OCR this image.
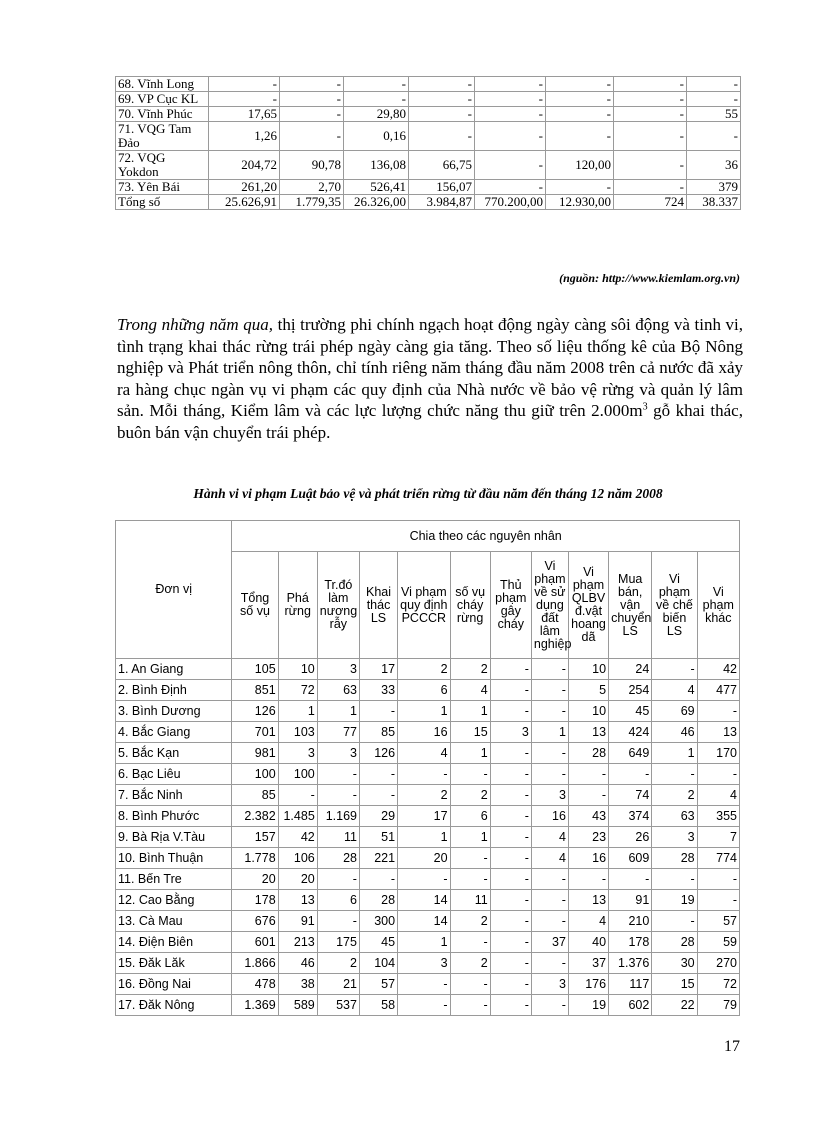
68. Vĩnh Long	-	-	-	-	-	-	-	-
69. VP Cục KL	-	-	-	-	-	-	-	-
70. Vĩnh Phúc	17,65	-	29,80	-	-	-	-	55
71. VQG Tam Đảo	1,26	-	0,16	-	-	-	-	-
72. VQG Yokdon	204,72	90,78	136,08	66,75	-	120,00	-	36
73. Yên Bái	261,20	2,70	526,41	156,07	-	-	-	379
Tổng số	25.626,91	1.779,35	26.326,00	3.984,87	770.200,00	12.930,00	724	38.337
(nguồn: http://www.kiemlam.org.vn)

Trong những năm qua, thị trường phi chính ngạch hoạt động ngày càng sôi động và tinh vi, tình trạng khai thác rừng trái phép ngày càng gia tăng. Theo số liệu thống kê của Bộ Nông nghiệp và Phát triển nông thôn, chỉ tính riêng năm tháng đầu năm 2008 trên cả nước đã xảy ra hàng chục ngàn vụ vi phạm các quy định của Nhà nước về bảo vệ rừng và quản lý lâm sản. Mỗi tháng, Kiểm lâm và các lực lượng chức năng thu giữ trên $2.000m^3$ gỗ khai thác, buôn bán vận chuyển trái phép.

Hành vi vi phạm Luật bảo vệ và phát triển rừng từ đầu năm đến tháng 12 năm 2008
Đơn vị	Chia theo các nguyên nhân											
	Tổng số vụ	Phá rừng	Tr.đó làm nương rẫy	Khai thác LS	Vi phạm quy định PCCCR	số vụ cháy rừng	Thủ phạm gây cháy	Vi phạm về sử dụng đất lâm nghiệp	Vi phạm QLBV đ.vật hoang dã	Mua bán, vận chuyển LS	Vi phạm về chế biến LS	Vi phạm khác
1. An Giang	105	10	3	17	2	2	-	-	10	24	-	42
2. Bình Định	851	72	63	33	6	4	-	-	5	254	4	477
3. Bình Dương	126	1	1	-	1	1	-	-	10	45	69	-
4. Bắc Giang	701	103	77	85	16	15	3	1	13	424	46	13
5. Bắc Kạn	981	3	3	126	4	1	-	-	28	649	1	170
6. Bạc Liêu	100	100	-	-	-	-	-	-	-	-	-	-
7. Bắc Ninh	85	-	-	-	2	2	-	3	-	74	2	4
8. Bình Phước	2.382	1.485	1.169	29	17	6	-	16	43	374	63	355
9. Bà Rịa V.Tàu	157	42	11	51	1	1	-	4	23	26	3	7
10. Bình Thuận	1.778	106	28	221	20	-	-	4	16	609	28	774
11. Bến Tre	20	20	-	-	-	-	-	-	-	-	-	-
12. Cao Bằng	178	13	6	28	14	11	-	-	13	91	19	-
13. Cà Mau	676	91	-	300	14	2	-	-	4	210	-	57
14. Điện Biên	601	213	175	45	1	-	-	37	40	178	28	59
15. Đăk Lăk	1.866	46	2	104	3	2	-	-	37	1.376	30	270
16. Đồng Nai	478	38	21	57	-	-	-	3	176	117	15	72
17. Đăk Nông	1.369	589	537	58	-	-	-	-	19	602	22	79
17
